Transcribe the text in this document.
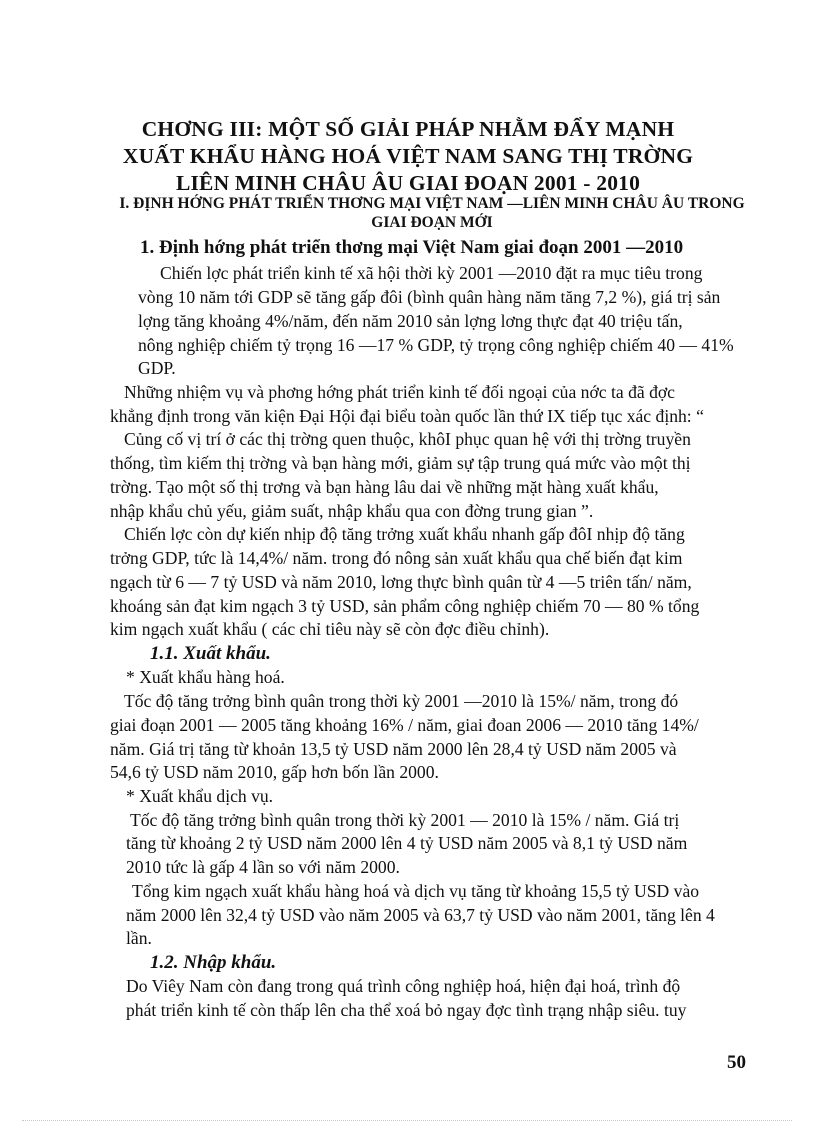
CHƠNG III: MỘT SỐ GIẢI PHÁP NHẰM ĐẨY MẠNH XUẤT KHẨU HÀNG HOÁ VIỆT NAM SANG THỊ TRỜNG LIÊN MINH CHÂU ÂU GIAI ĐOẠN 2001 - 2010
I. ĐỊNH HỚNG PHÁT TRIỂN THƠNG MẠI VIỆT NAM —LIÊN MINH CHÂU ÂU TRONG GIAI ĐOẠN MỚI
1. Định hớng phát triển thơng mại Việt Nam giai đoạn 2001 —2010
Chiến lợc phát triển kinh tế xã hội thời kỳ 2001 —2010 đặt ra mục tiêu trong
vòng 10 năm tới GDP sẽ tăng gấp đôi (bình quân hàng năm tăng 7,2 %), giá trị sản
lợng tăng khoảng 4%/năm, đến năm 2010 sản lợng lơng thực đạt 40 triệu tấn,
nông nghiệp chiếm tỷ trọng 16 —17 % GDP, tỷ trọng công nghiệp chiếm 40 — 41%
GDP.
Những nhiệm vụ và phơng hớng phát triển kinh tế đối ngoại của nớc ta đã đợc
khẳng định trong văn kiện Đại Hội đại biểu toàn quốc lần thứ IX tiếp tục xác định: “
Củng cố vị trí ở các thị trờng quen thuộc, khôI phục quan hệ với thị trờng truyền
thống, tìm kiếm thị trờng và bạn hàng mới, giảm sự tập trung quá mức vào một thị
trờng. Tạo một số thị trơng và bạn hàng lâu dai về những mặt hàng xuất khẩu,
nhập khẩu chủ yếu, giảm suất, nhập khẩu qua con đờng trung gian ”.
Chiến lợc còn dự kiến nhịp độ tăng trởng xuất khẩu nhanh gấp đôI nhịp độ tăng
trởng GDP, tức là 14,4%/ năm. trong đó nông sản xuất khẩu qua chế biến đạt kim
ngạch từ 6 — 7 tỷ USD và năm 2010, lơng thực bình quân từ 4 —5 triên tấn/ năm,
khoáng sản đạt kim ngạch 3 tỷ USD, sản phẩm công nghiệp chiếm 70 — 80 % tổng
kim ngạch xuất khẩu ( các chỉ tiêu này sẽ còn đợc điều chỉnh).
1.1. Xuất khẩu.
* Xuất khẩu hàng hoá.
Tốc độ tăng trởng bình quân trong thời kỳ 2001 —2010 là 15%/ năm, trong đó
giai đoạn 2001 — 2005 tăng khoảng 16% / năm, giai đoan 2006 — 2010 tăng 14%/
năm. Giá trị tăng từ khoản 13,5 tỷ USD năm 2000 lên 28,4 tỷ USD năm 2005 và
54,6 tỷ USD năm 2010, gấp hơn bốn lần 2000.
* Xuất khẩu dịch vụ.
Tốc độ tăng trởng bình quân trong thời kỳ 2001 — 2010 là 15% / năm. Giá trị
tăng từ khoảng 2 tỷ USD năm 2000 lên 4 tỷ USD năm 2005 và 8,1 tỷ USD năm
2010 tức là gấp 4 lần so với năm 2000.
Tổng kim ngạch xuất khẩu hàng hoá và dịch vụ tăng từ khoảng 15,5 tỷ USD vào
năm 2000 lên 32,4 tỷ USD vào năm 2005 và 63,7 tỷ USD vào năm 2001, tăng lên 4
lần.
1.2. Nhập khẩu.
Do Viêy Nam còn đang trong quá trình công nghiệp hoá, hiện đại hoá, trình độ
phát triển kinh tế còn thấp lên cha thể xoá bỏ ngay đợc tình trạng nhập siêu. tuy
50
